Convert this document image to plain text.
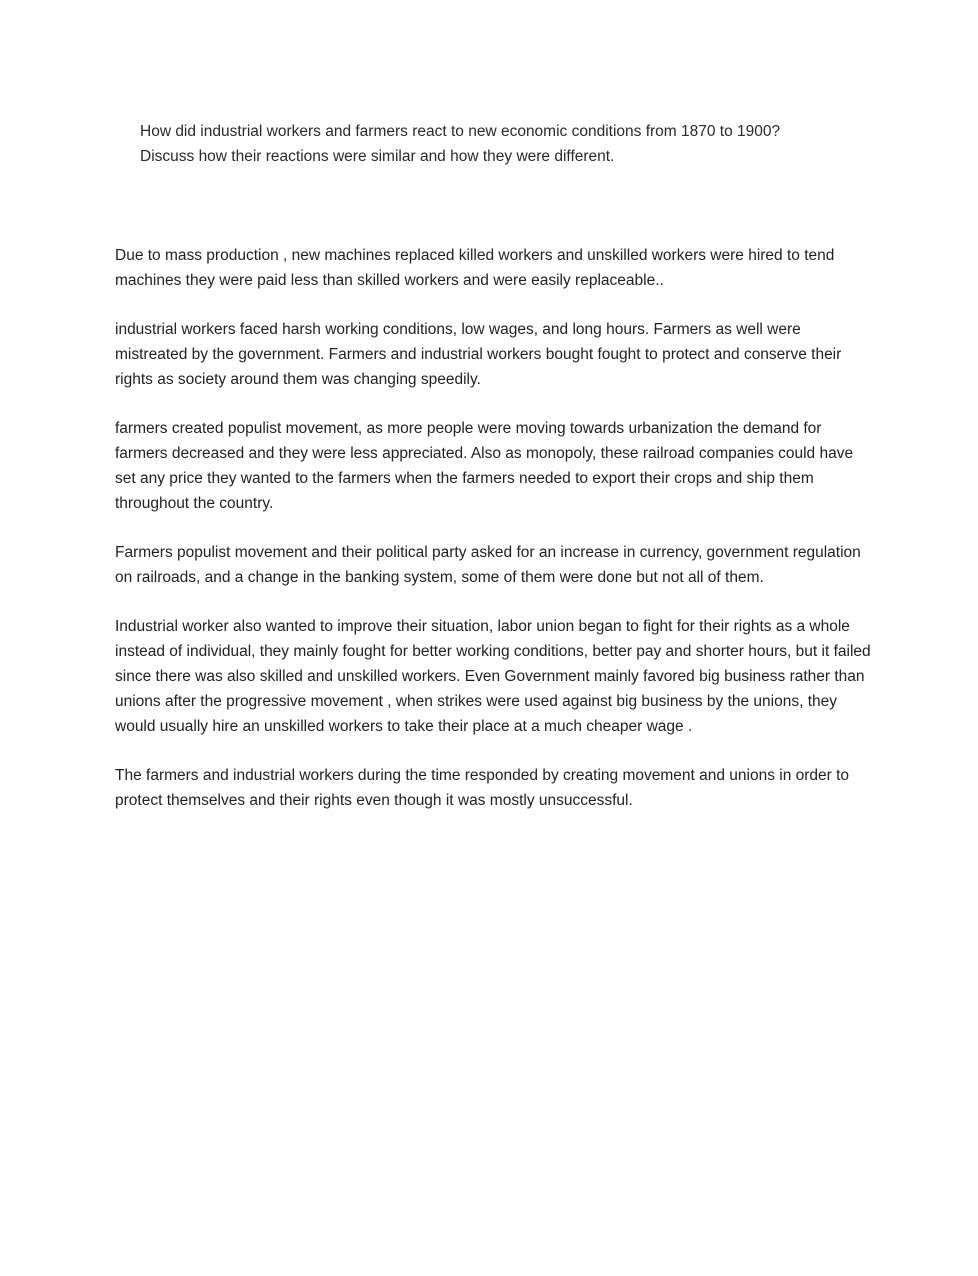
How did industrial workers and farmers react to new economic conditions from 1870 to 1900?

Discuss how their reactions were similar and how they were different.

Due to mass production , new machines replaced killed workers and unskilled workers were hired to tend machines they were paid less than skilled workers and were easily replaceable..

industrial workers faced harsh working conditions, low wages, and long hours. Farmers as well were mistreated by the government. Farmers and industrial workers bought fought to protect and conserve their rights as society around them was changing speedily.

farmers created populist movement, as more people were moving towards urbanization the demand for farmers decreased and they were less appreciated. Also as monopoly, these railroad companies could have set any price they wanted to the farmers when the farmers needed to export their crops and ship them throughout the country.

Farmers populist movement and their political party asked for an increase in currency, government regulation on railroads, and a change in the banking system, some of them were done but not all of them.

Industrial worker also wanted to improve their situation, labor union began to fight for their rights as a whole instead of individual, they mainly fought for better working conditions, better pay and shorter hours, but it failed since there was also skilled and unskilled workers. Even Government mainly favored big business rather than unions after the progressive movement , when strikes were used against big business by the unions, they would usually hire an unskilled workers to take their place at a much cheaper wage .

The farmers and industrial workers during the time responded by creating movement and unions in order to protect themselves and their rights even though it was mostly unsuccessful.
